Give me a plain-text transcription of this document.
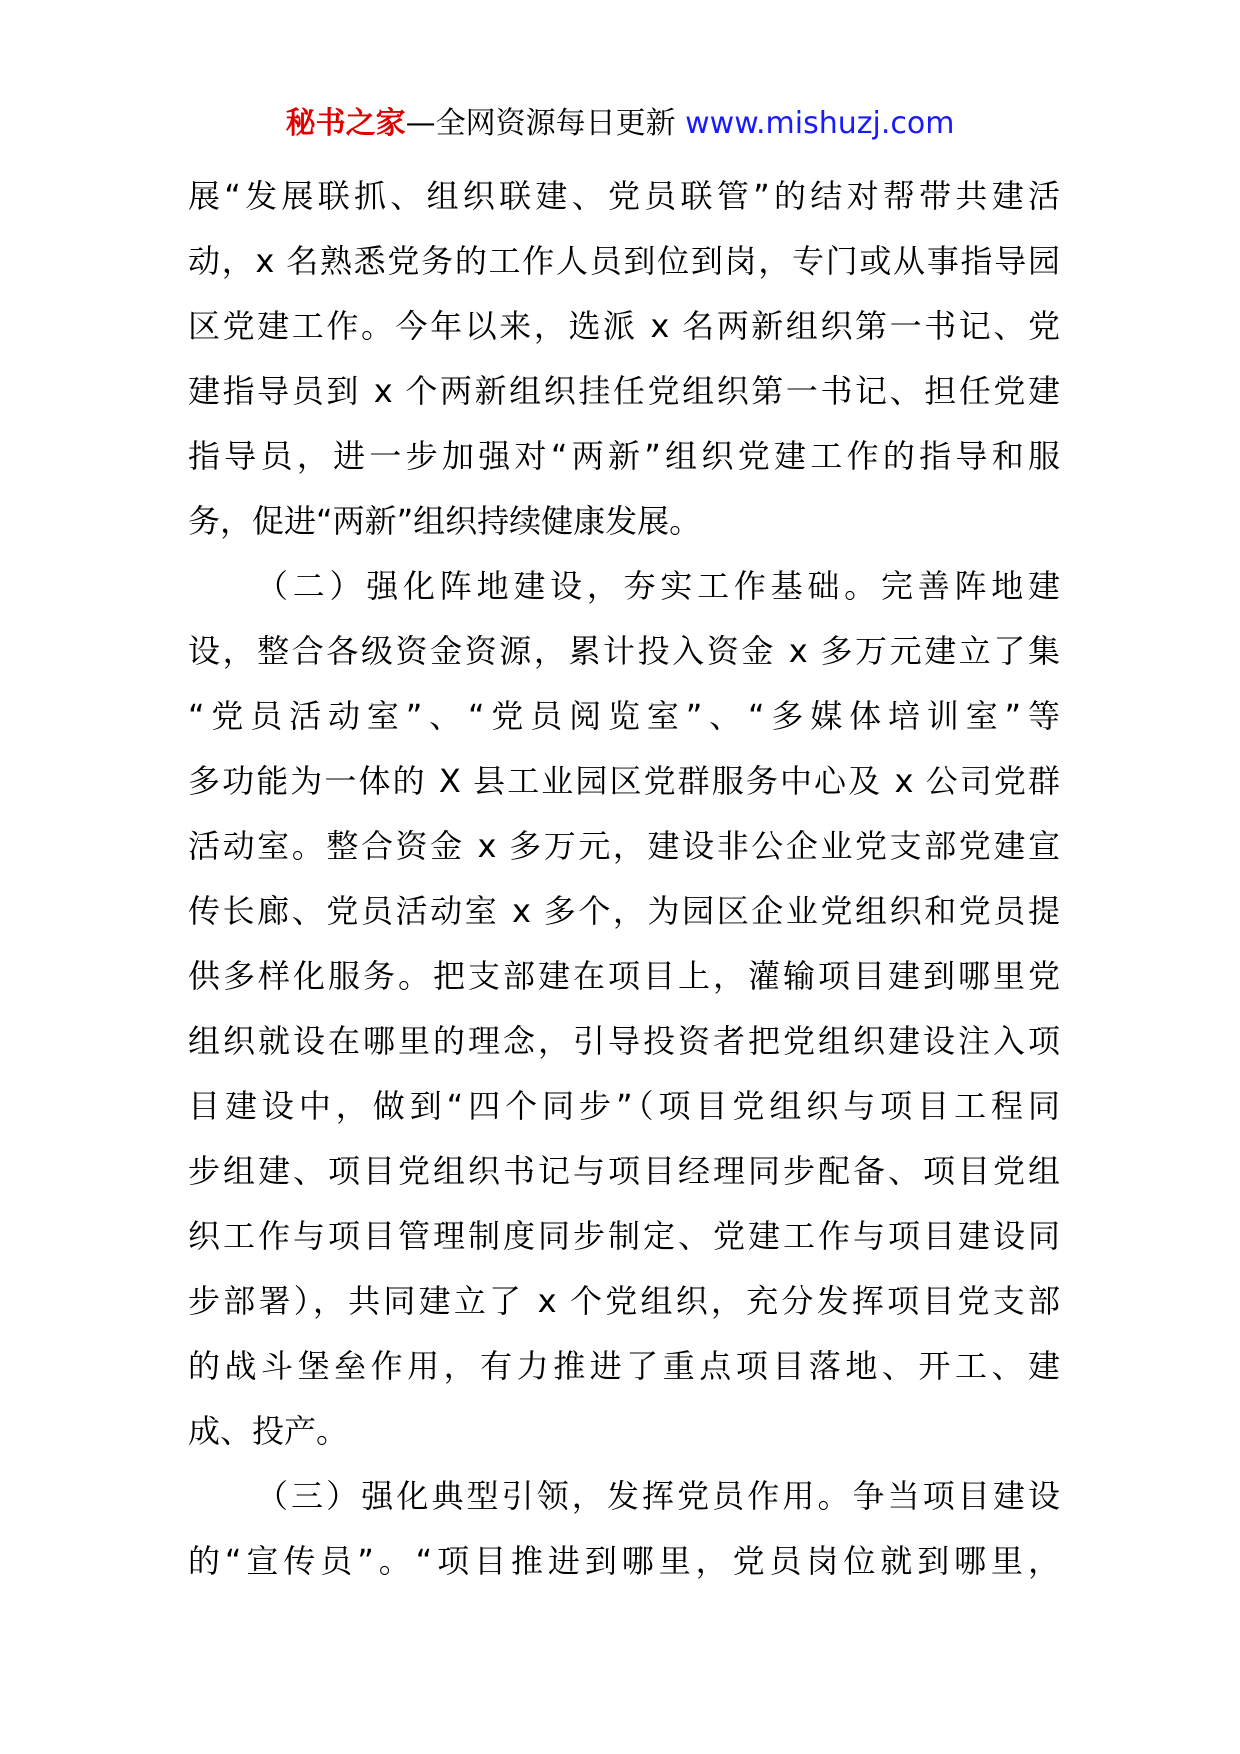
秘书之家—全网资源每日更新 www.mishuzj.com
展“发展联抓、组织联建、党员联管”的结对帮带共建活
动，x 名熟悉党务的工作人员到位到岗，专门或从事指导园
区党建工作。今年以来，选派 x 名两新组织第一书记、党
建指导员到 x 个两新组织挂任党组织第一书记、担任党建
指导员，进一步加强对“两新”组织党建工作的指导和服
务，促进“两新”组织持续健康发展。
（二）强化阵地建设，夯实工作基础。完善阵地建
设，整合各级资金资源，累计投入资金 x 多万元建立了集
“党员活动室”、“党员阅览室”、“多媒体培训室”等
多功能为一体的 X 县工业园区党群服务中心及 x 公司党群
活动室。整合资金 x 多万元，建设非公企业党支部党建宣
传长廊、党员活动室 x 多个，为园区企业党组织和党员提
供多样化服务。把支部建在项目上，灌输项目建到哪里党
组织就设在哪里的理念，引导投资者把党组织建设注入项
目建设中，做到“四个同步”（项目党组织与项目工程同
步组建、项目党组织书记与项目经理同步配备、项目党组
织工作与项目管理制度同步制定、党建工作与项目建设同
步部署），共同建立了 x 个党组织，充分发挥项目党支部
的战斗堡垒作用，有力推进了重点项目落地、开工、建
成、投产。
（三）强化典型引领，发挥党员作用。争当项目建设
的“宣传员”。“项目推进到哪里，党员岗位就到哪里，
